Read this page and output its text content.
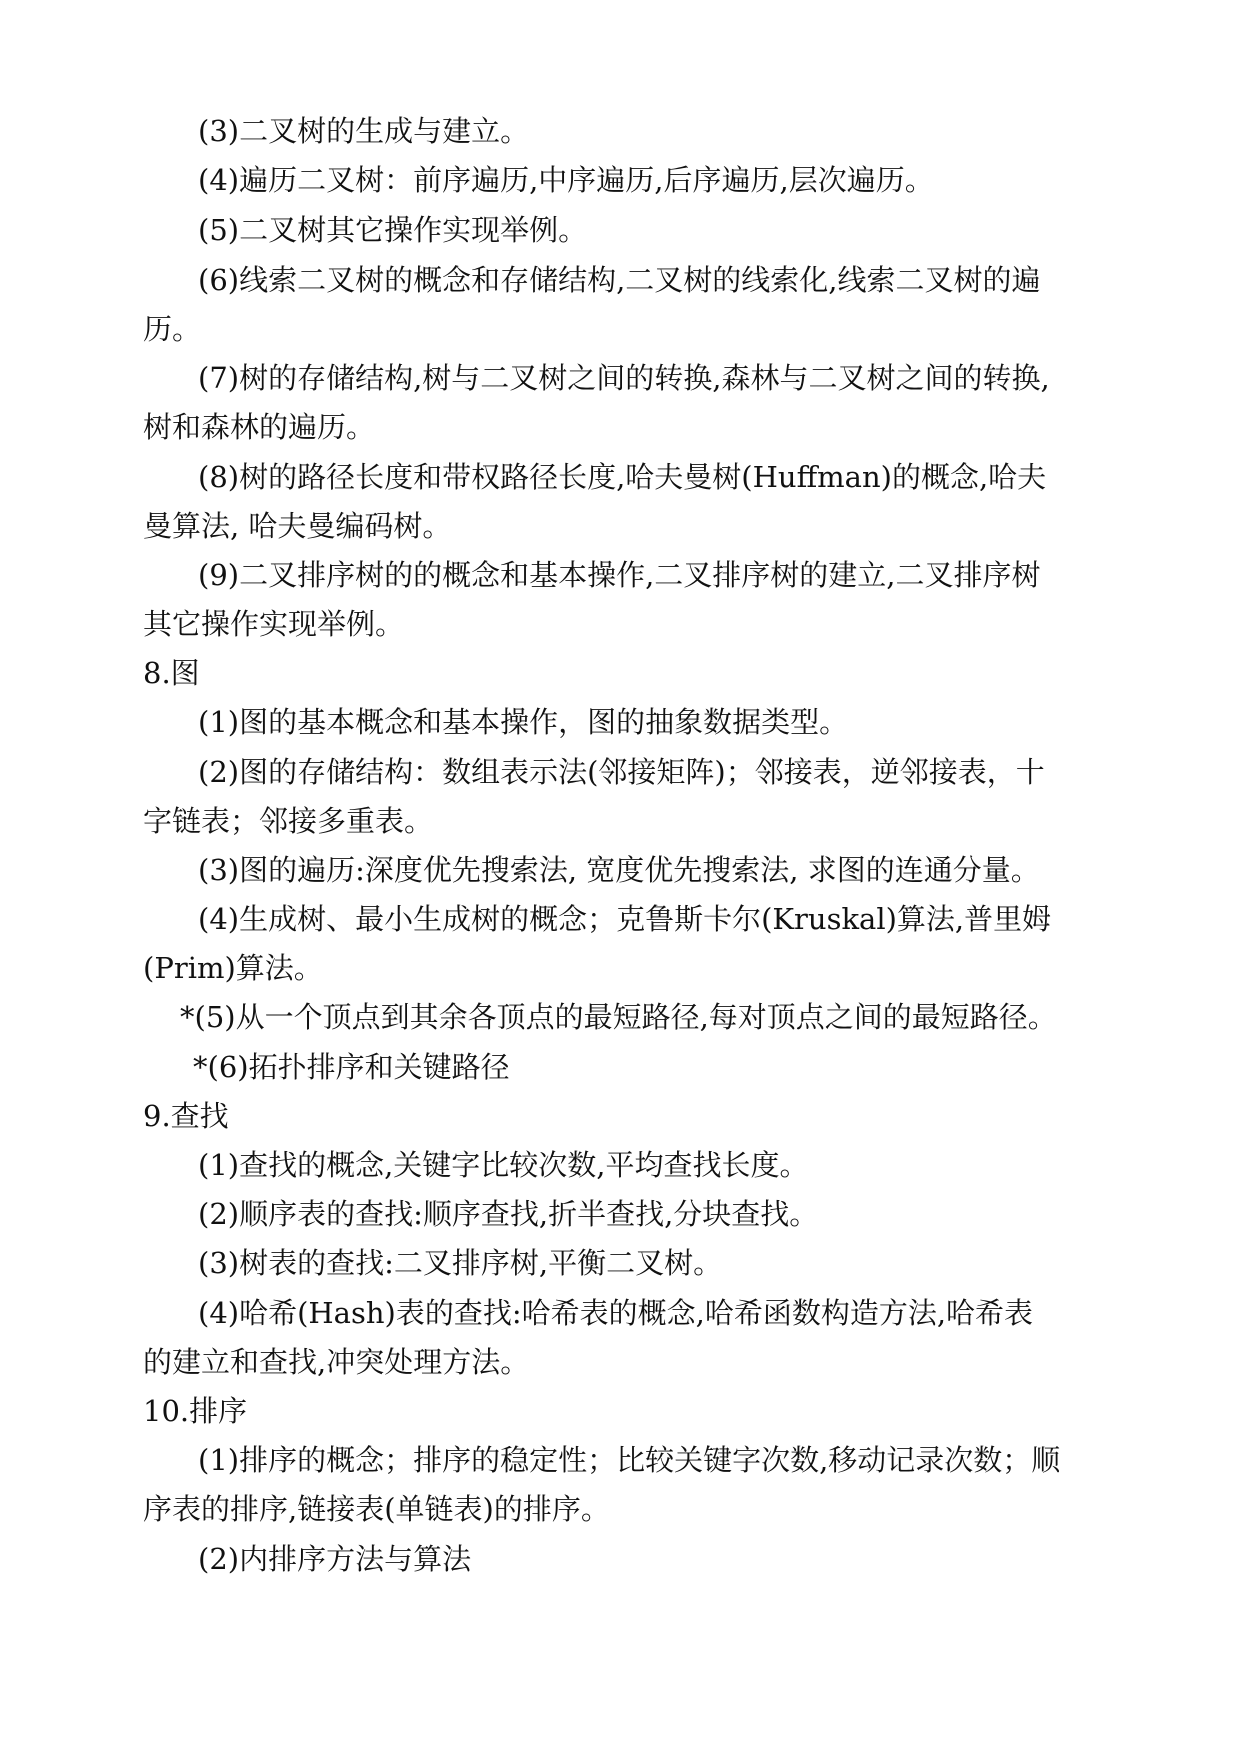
(3)二叉树的生成与建立。
(4)遍历二叉树：前序遍历,中序遍历,后序遍历,层次遍历。
(5)二叉树其它操作实现举例。
(6)线索二叉树的概念和存储结构,二叉树的线索化,线索二叉树的遍
历。
(7)树的存储结构,树与二叉树之间的转换,森林与二叉树之间的转换,
树和森林的遍历。
(8)树的路径长度和带权路径长度,哈夫曼树(Huffman)的概念,哈夫
曼算法, 哈夫曼编码树。
(9)二叉排序树的的概念和基本操作,二叉排序树的建立,二叉排序树
其它操作实现举例。
8.图
(1)图的基本概念和基本操作，图的抽象数据类型。
(2)图的存储结构：数组表示法(邻接矩阵)；邻接表，逆邻接表，十
字链表；邻接多重表。
(3)图的遍历:深度优先搜索法, 宽度优先搜索法, 求图的连通分量。
(4)生成树、最小生成树的概念；克鲁斯卡尔(Kruskal)算法,普里姆
(Prim)算法。
*(5)从一个顶点到其余各顶点的最短路径,每对顶点之间的最短路径。
*(6)拓扑排序和关键路径
9.查找
(1)查找的概念,关键字比较次数,平均查找长度。
(2)顺序表的查找:顺序查找,折半查找,分块查找。
(3)树表的查找:二叉排序树,平衡二叉树。
(4)哈希(Hash)表的查找:哈希表的概念,哈希函数构造方法,哈希表
的建立和查找,冲突处理方法。
10.排序
(1)排序的概念；排序的稳定性；比较关键字次数,移动记录次数；顺
序表的排序,链接表(单链表)的排序。
(2)内排序方法与算法
